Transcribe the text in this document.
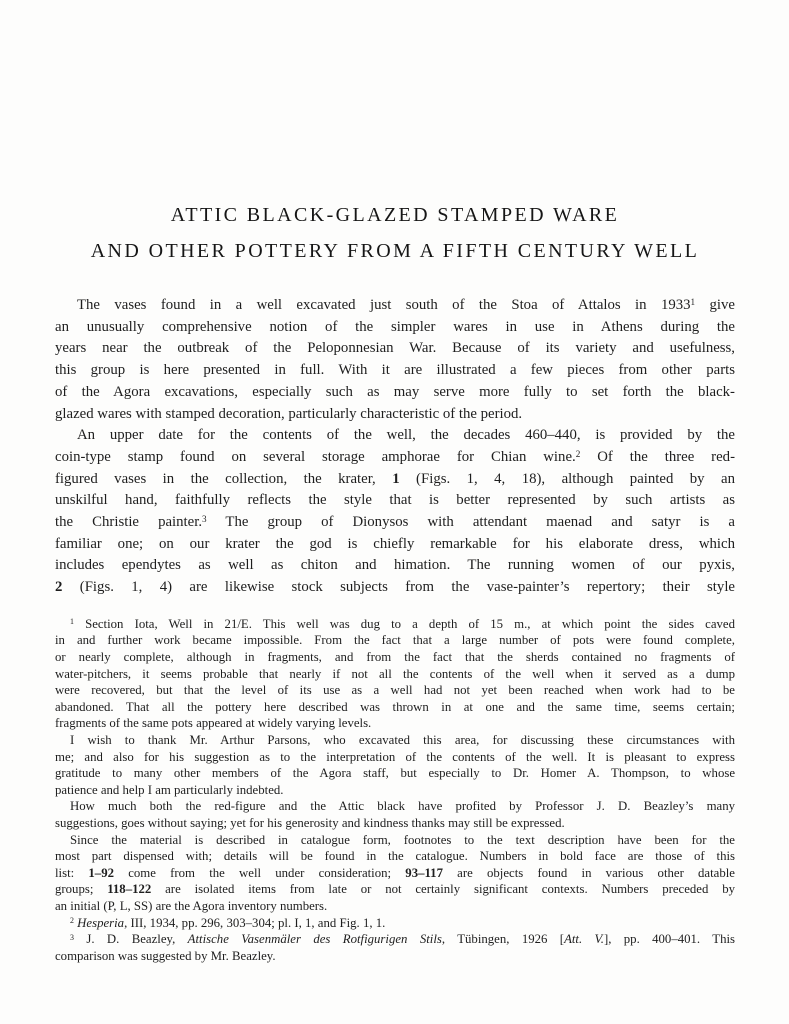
ATTIC BLACK-GLAZED STAMPED WARE
AND OTHER POTTERY FROM A FIFTH CENTURY WELL
The vases found in a well excavated just south of the Stoa of Attalos in 1933$^1$ give
an unusually comprehensive notion of the simpler wares in use in Athens during the
years near the outbreak of the Peloponnesian War. Because of its variety and usefulness,
this group is here presented in full. With it are illustrated a few pieces from other parts
of the Agora excavations, especially such as may serve more fully to set forth the black-
glazed wares with stamped decoration, particularly characteristic of the period.
An upper date for the contents of the well, the decades 460–440, is provided by the
coin-type stamp found on several storage amphorae for Chian wine.$^2$ Of the three red-
figured vases in the collection, the krater, 1 (Figs. 1, 4, 18), although painted by an
unskilful hand, faithfully reflects the style that is better represented by such artists as
the Christie painter.$^3$ The group of Dionysos with attendant maenad and satyr is a
familiar one; on our krater the god is chiefly remarkable for his elaborate dress, which
includes ependytes as well as chiton and himation. The running women of our pyxis,
2 (Figs. 1, 4) are likewise stock subjects from the vase-painter’s repertory; their style
$^1$ Section Iota, Well in 21/E. This well was dug to a depth of 15 m., at which point the sides caved
in and further work became impossible. From the fact that a large number of pots were found complete,
or nearly complete, although in fragments, and from the fact that the sherds contained no fragments of
water-pitchers, it seems probable that nearly if not all the contents of the well when it served as a dump
were recovered, but that the level of its use as a well had not yet been reached when work had to be
abandoned. That all the pottery here described was thrown in at one and the same time, seems certain;
fragments of the same pots appeared at widely varying levels.
I wish to thank Mr. Arthur Parsons, who excavated this area, for discussing these circumstances with
me; and also for his suggestion as to the interpretation of the contents of the well. It is pleasant to express
gratitude to many other members of the Agora staff, but especially to Dr. Homer A. Thompson, to whose
patience and help I am particularly indebted.
How much both the red-figure and the Attic black have profited by Professor J. D. Beazley’s many
suggestions, goes without saying; yet for his generosity and kindness thanks may still be expressed.
Since the material is described in catalogue form, footnotes to the text description have been for the
most part dispensed with; details will be found in the catalogue. Numbers in bold face are those of this
list: 1–92 come from the well under consideration; 93–117 are objects found in various other datable
groups; 118–122 are isolated items from late or not certainly significant contexts. Numbers preceded by
an initial (P, L, SS) are the Agora inventory numbers.
$^2$ Hesperia, III, 1934, pp. 296, 303–304; pl. I, 1, and Fig. 1, 1.
$^3$ J. D. Beazley, Attische Vasenmäler des Rotfigurigen Stils, Tübingen, 1926 [Att. V.], pp. 400–401. This
comparison was suggested by Mr. Beazley.
